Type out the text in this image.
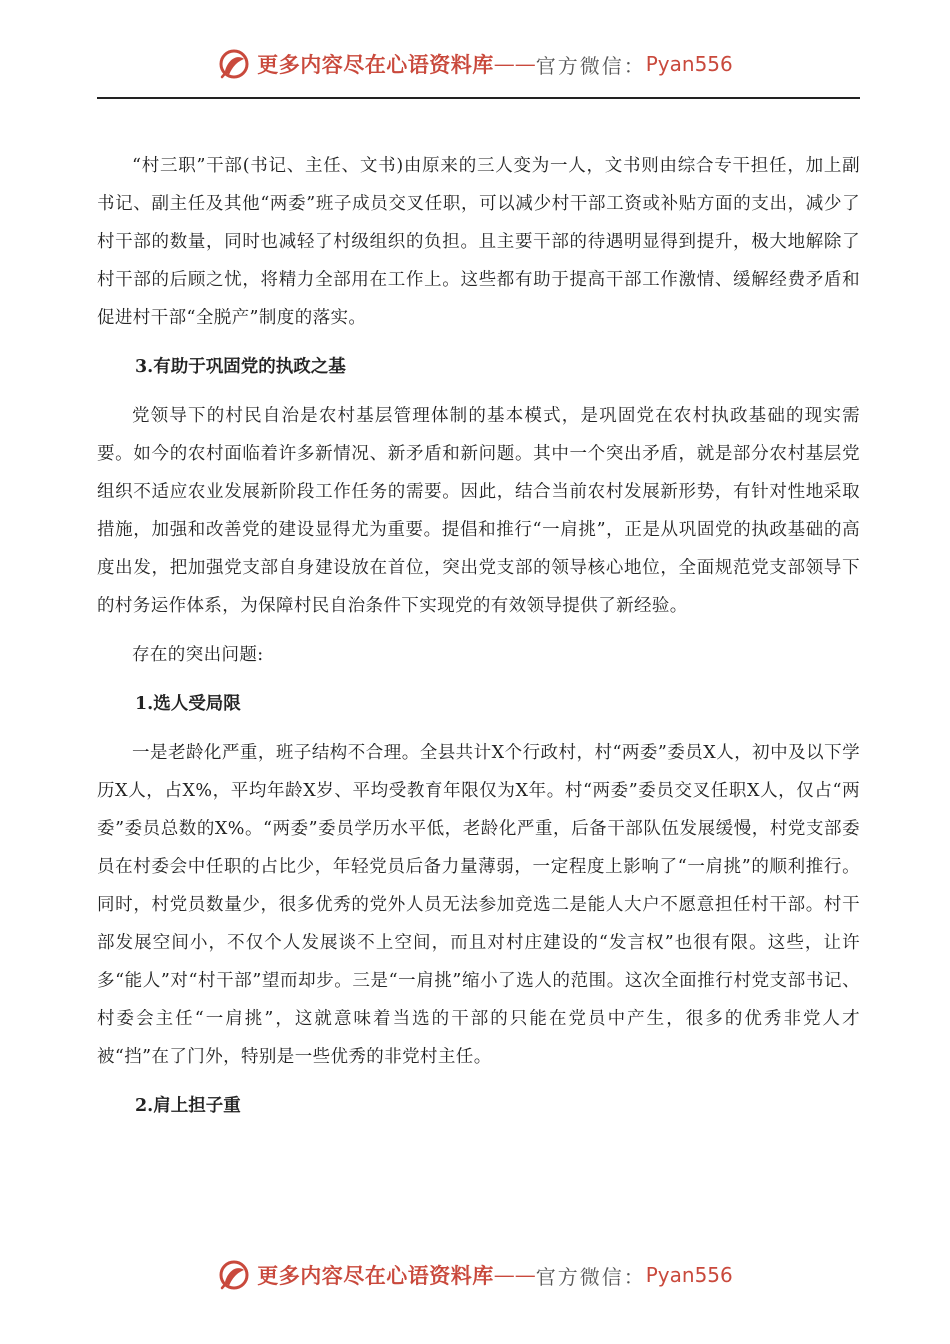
更多内容尽在心语资料库 —— 官方微信： Pyan556

“村三职”干部(书记、主任、文书)由原来的三人变为一人，文书则由综合专干担任，加上副书记、副主任及其他“两委”班子成员交叉任职，可以减少村干部工资或补贴方面的支出，减少了村干部的数量，同时也减轻了村级组织的负担。且主要干部的待遇明显得到提升，极大地解除了村干部的后顾之忧，将精力全部用在工作上。这些都有助于提高干部工作激情、缓解经费矛盾和促进村干部“全脱产”制度的落实。

3.有助于巩固党的执政之基

党领导下的村民自治是农村基层管理体制的基本模式，是巩固党在农村执政基础的现实需要。如今的农村面临着许多新情况、新矛盾和新问题。其中一个突出矛盾，就是部分农村基层党组织不适应农业发展新阶段工作任务的需要。因此，结合当前农村发展新形势，有针对性地采取措施，加强和改善党的建设显得尤为重要。提倡和推行“一肩挑”，正是从巩固党的执政基础的高度出发，把加强党支部自身建设放在首位，突出党支部的领导核心地位，全面规范党支部领导下的村务运作体系，为保障村民自治条件下实现党的有效领导提供了新经验。

存在的突出问题:

1.选人受局限

一是老龄化严重，班子结构不合理。全县共计X个行政村，村“两委”委员X人，初中及以下学历X人，占X%，平均年龄X岁、平均受教育年限仅为X年。村“两委”委员交叉任职X人，仅占“两委”委员总数的X%。“两委”委员学历水平低，老龄化严重，后备干部队伍发展缓慢，村党支部委员在村委会中任职的占比少，年轻党员后备力量薄弱，一定程度上影响了“一肩挑”的顺利推行。同时，村党员数量少，很多优秀的党外人员无法参加竞选二是能人大户不愿意担任村干部。村干部发展空间小，不仅个人发展谈不上空间，而且对村庄建设的“发言权”也很有限。这些，让许多“能人”对“村干部”望而却步。三是“一肩挑”缩小了选人的范围。这次全面推行村党支部书记、村委会主任“一肩挑”，这就意味着当选的干部的只能在党员中产生，很多的优秀非党人才被“挡”在了门外，特别是一些优秀的非党村主任。

2.肩上担子重

更多内容尽在心语资料库 —— 官方微信： Pyan556
